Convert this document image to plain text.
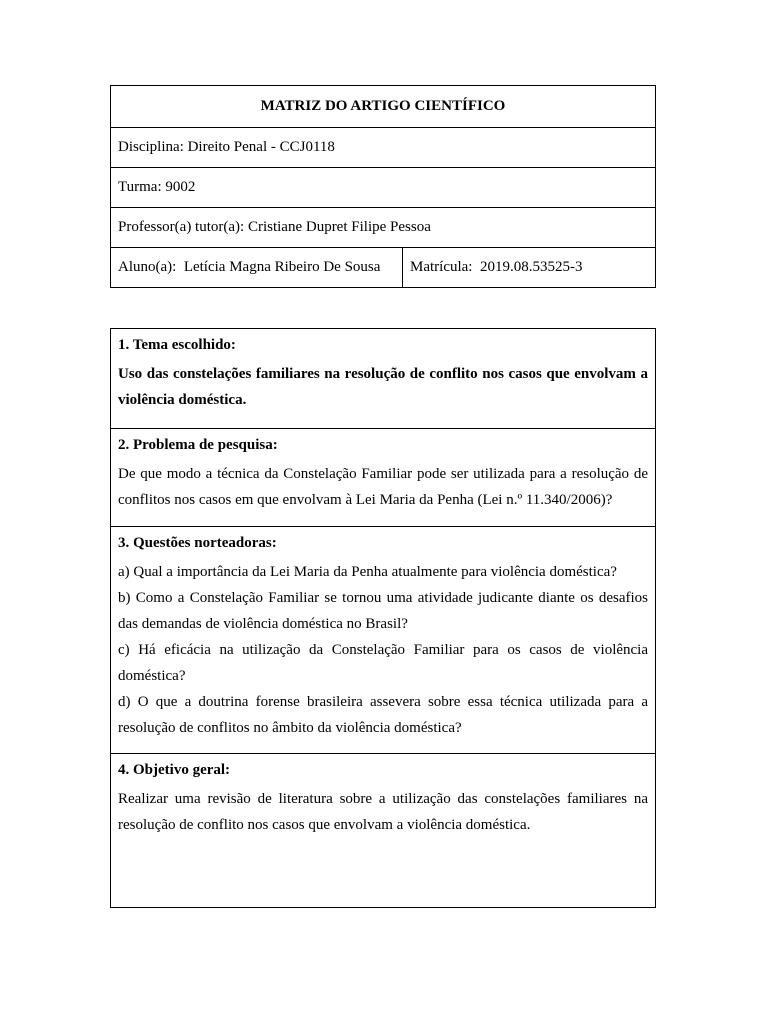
MATRIZ DO ARTIGO CIENTÍFICO
Disciplina: Direito Penal - CCJ0118
Turma: 9002
Professor(a) tutor(a): Cristiane Dupret Filipe Pessoa
Aluno(a):  Letícia Magna Ribeiro De Sousa	Matrícula:  2019.08.53525-3

1. Tema escolhido:

Uso das constelações familiares na resolução de conflito nos casos que envolvam a violência doméstica.

2. Problema de pesquisa:

De que modo a técnica da Constelação Familiar pode ser utilizada para a resolução de conflitos nos casos em que envolvam à Lei Maria da Penha (Lei n.º 11.340/2006)?

3. Questões norteadoras:

a) Qual a importância da Lei Maria da Penha atualmente para violência doméstica?

b) Como a Constelação Familiar se tornou uma atividade judicante diante os desafios das demandas de violência doméstica no Brasil?

c) Há eficácia na utilização da Constelação Familiar para os casos de violência doméstica?

d) O que a doutrina forense brasileira assevera sobre essa técnica utilizada para a resolução de conflitos no âmbito da violência doméstica?

4. Objetivo geral:

Realizar uma revisão de literatura sobre a utilização das constelações familiares na resolução de conflito nos casos que envolvam a violência doméstica.
